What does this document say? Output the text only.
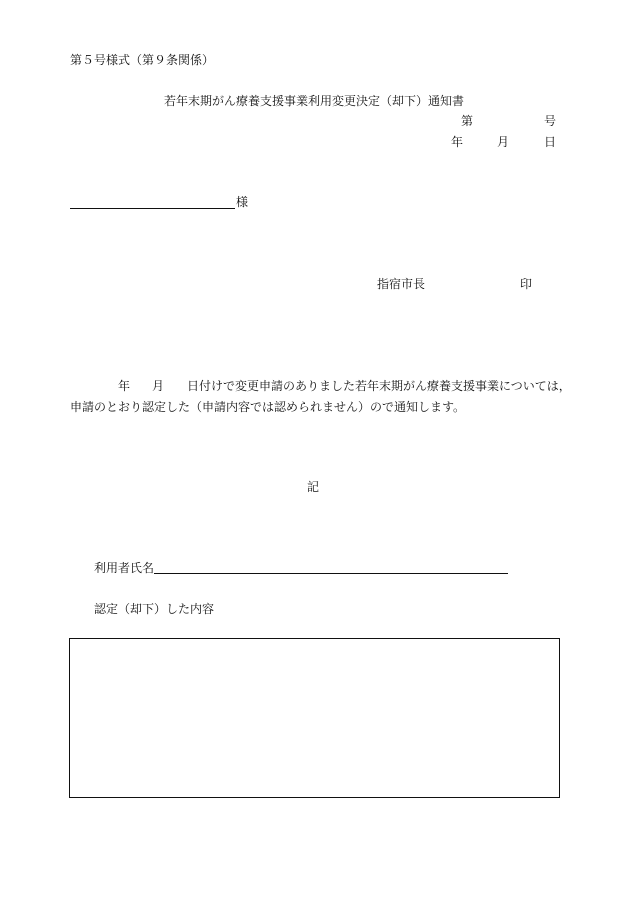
第５号様式（第９条関係）
若年末期がん療養支援事業利用変更決定（却下）通知書
第	号
年	月	日
様
指宿市長	印
年 月 日付けで変更申請のありました若年末期がん療養支援事業については，
申請のとおり認定した（申請内容では認められません）ので通知します。
記
利用者氏名
認定（却下）した内容
